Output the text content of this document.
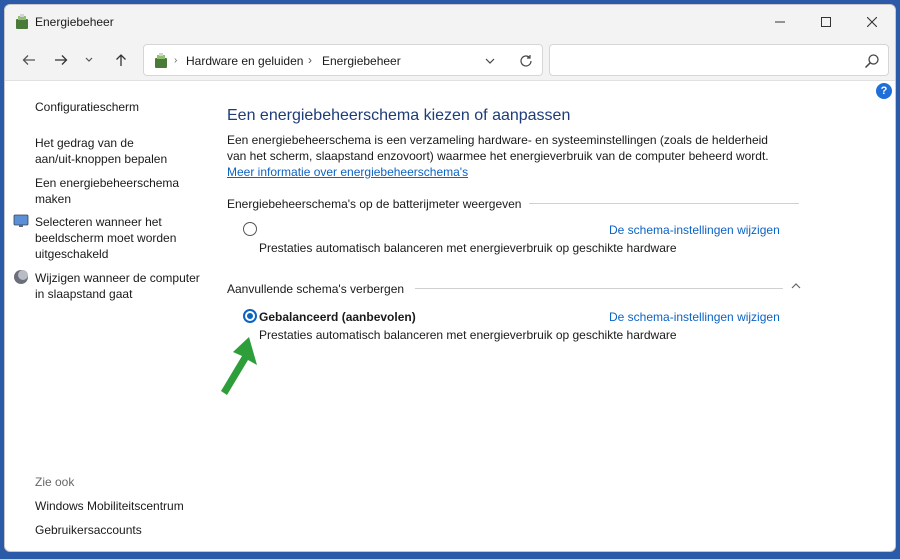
Energiebeheer
› Hardware en geluiden › Energiebeheer
?
Configuratiescherm
Het gedrag van de aan/uit-knoppen bepalen
Een energiebeheerschema maken
Selecteren wanneer het beeldscherm moet worden uitgeschakeld
Wijzigen wanneer de computer in slaapstand gaat
Zie ook
Windows Mobiliteitscentrum
Gebruikersaccounts
Een energiebeheerschema kiezen of aanpassen
Een energiebeheerschema is een verzameling hardware- en systeeminstellingen (zoals de helderheid van het scherm, slaapstand enzovoort) waarmee het energieverbruik van de computer beheerd wordt. Meer informatie over energiebeheerschema's
Energiebeheerschema's op de batterijmeter weergeven
De schema-instellingen wijzigen
Prestaties automatisch balanceren met energieverbruik op geschikte hardware
Aanvullende schema's verbergen
Gebalanceerd (aanbevolen)	De schema-instellingen wijzigen
Prestaties automatisch balanceren met energieverbruik op geschikte hardware
